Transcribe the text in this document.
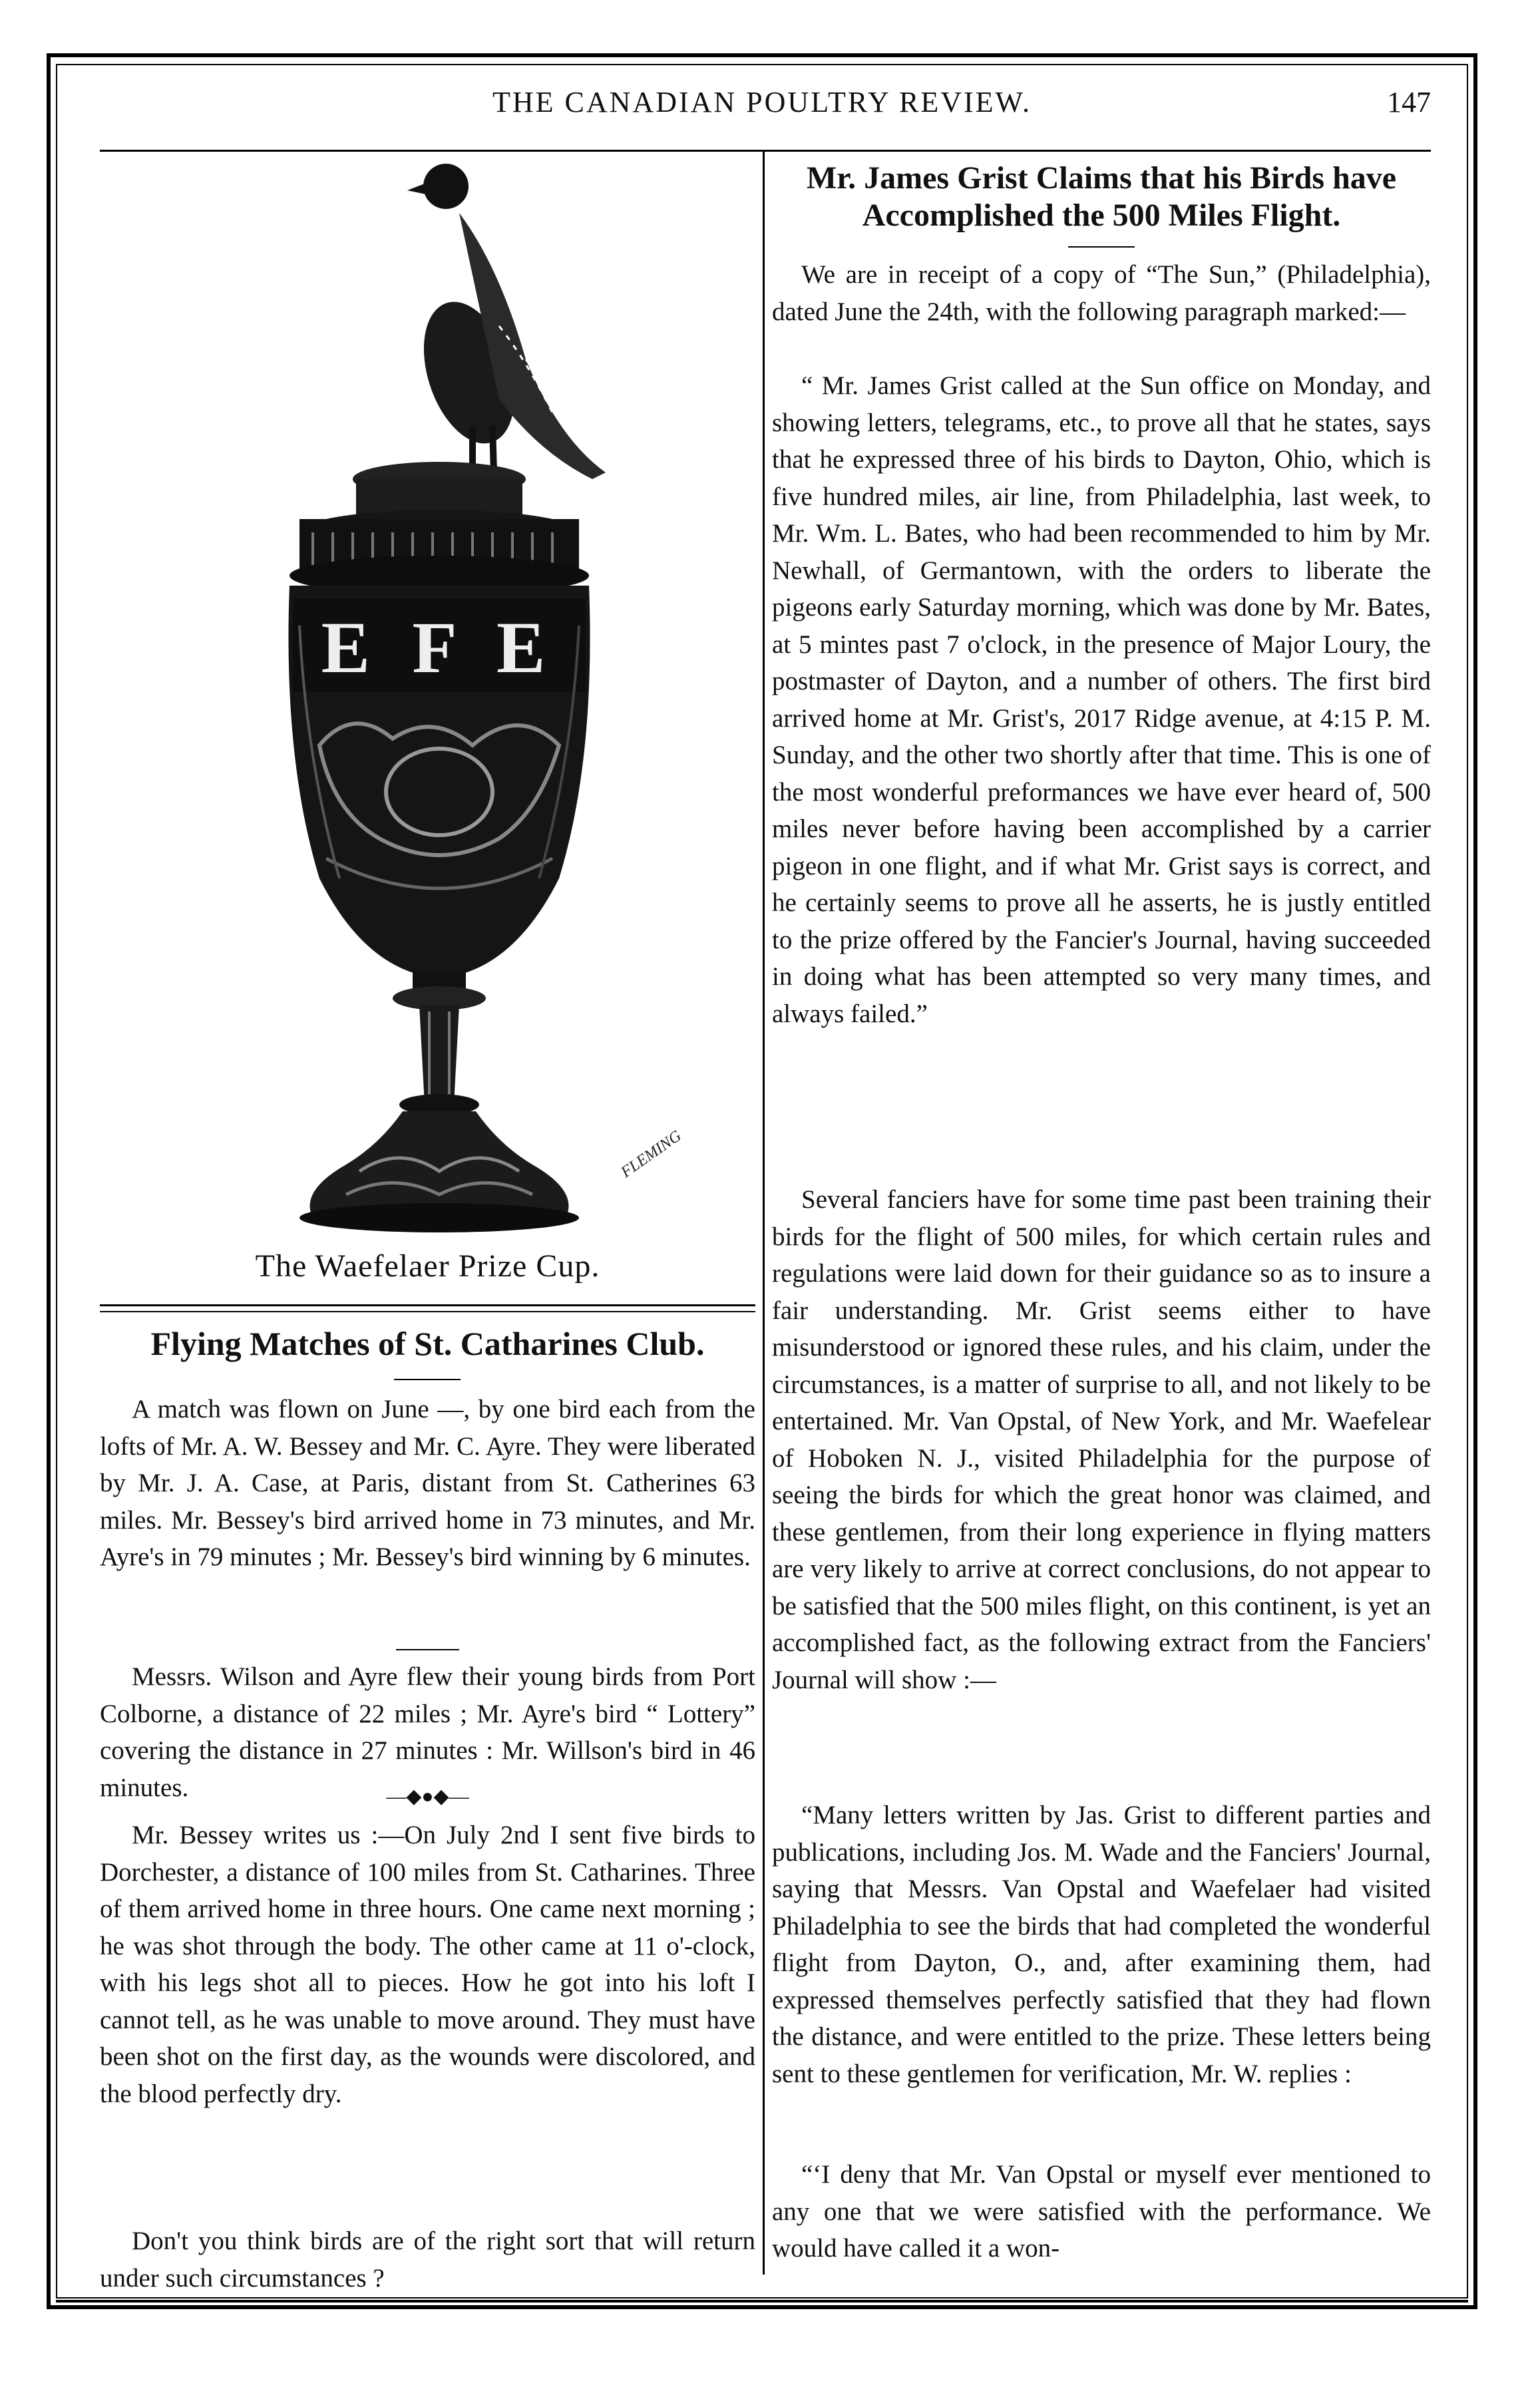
THE CANADIAN POULTRY REVIEW.	147
E F E
FLEMING
The Waefelaer Prize Cup.
Flying Matches of St. Catharines Club.

A match was flown on June —, by one bird each from the lofts of Mr. A. W. Bessey and Mr. C. Ayre. They were liberated by Mr. J. A. Case, at Paris, distant from St. Catherines 63 miles. Mr. Bessey's bird arrived home in 73 minutes, and Mr. Ayre's in 79 minutes ; Mr. Bessey's bird winning by 6 minutes.

Messrs. Wilson and Ayre flew their young birds from Port Colborne, a distance of 22 miles ; Mr. Ayre's bird “ Lottery” covering the distance in 27 minutes : Mr. Willson's bird in 46 minutes.	—◆●◆—

Mr. Bessey writes us :—On July 2nd I sent five birds to Dorchester, a distance of 100 miles from St. Catharines. Three of them arrived home in three hours. One came next morning ; he was shot through the body. The other came at 11 o'-clock, with his legs shot all to pieces. How he got into his loft I cannot tell, as he was unable to move around. They must have been shot on the first day, as the wounds were discolored, and the blood perfectly dry.

Don't you think birds are of the right sort that will return under such circumstances ?

Mr. James Grist Claims that his Birds have Accomplished the 500 Miles Flight.

We are in receipt of a copy of “The Sun,” (Philadelphia), dated June the 24th, with the following paragraph marked:—

“ Mr. James Grist called at the Sun office on Monday, and showing letters, telegrams, etc., to prove all that he states, says that he expressed three of his birds to Dayton, Ohio, which is five hundred miles, air line, from Philadelphia, last week, to Mr. Wm. L. Bates, who had been recommended to him by Mr. Newhall, of Germantown, with the orders to liberate the pigeons early Saturday morning, which was done by Mr. Bates, at 5 mintes past 7 o'clock, in the presence of Major Loury, the postmaster of Dayton, and a number of others. The first bird arrived home at Mr. Grist's, 2017 Ridge avenue, at 4:15 P. M. Sunday, and the other two shortly after that time. This is one of the most wonderful preformances we have ever heard of, 500 miles never before having been accomplished by a carrier pigeon in one flight, and if what Mr. Grist says is correct, and he certainly seems to prove all he asserts, he is justly entitled to the prize offered by the Fancier's Journal, having succeeded in doing what has been attempted so very many times, and always failed.”

Several fanciers have for some time past been training their birds for the flight of 500 miles, for which certain rules and regulations were laid down for their guidance so as to insure a fair understanding. Mr. Grist seems either to have misunderstood or ignored these rules, and his claim, under the circumstances, is a matter of surprise to all, and not likely to be entertained. Mr. Van Opstal, of New York, and Mr. Waefelear of Hoboken N. J., visited Philadelphia for the purpose of seeing the birds for which the great honor was claimed, and these gentlemen, from their long experience in flying matters are very likely to arrive at correct conclusions, do not appear to be satisfied that the 500 miles flight, on this continent, is yet an accomplished fact, as the following extract from the Fanciers' Journal will show :—

“Many letters written by Jas. Grist to different parties and publications, including Jos. M. Wade and the Fanciers' Journal, saying that Messrs. Van Opstal and Waefelaer had visited Philadelphia to see the birds that had completed the wonderful flight from Dayton, O., and, after examining them, had expressed themselves perfectly satisfied that they had flown the distance, and were entitled to the prize. These letters being sent to these gentlemen for verification, Mr. W. replies :

“‘I deny that Mr. Van Opstal or myself ever mentioned to any one that we were satisfied with the performance. We would have called it a won-
